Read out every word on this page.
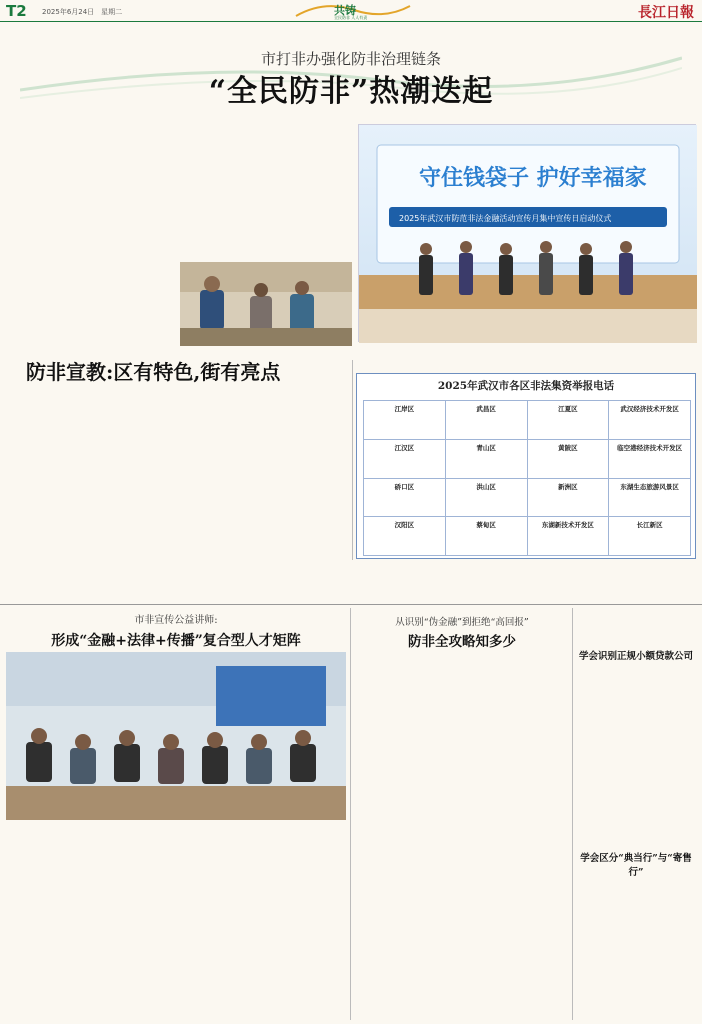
T2 2025年6月24日　星期二	共铸
全民防非 人人有责	長江日報
市打非办强化防非治理链条
“全民防非”热潮迭起
守住钱袋子 护好幸福家
2025年武汉市防范非法金融活动宣传月集中宣传日启动仪式
防非宣教:区有特色,街有亮点
2025年武汉市各区非法集资举报电话
江岸区	武昌区	江夏区	武汉经济技术开发区
江汉区	青山区	黄陂区	临空港经济技术开发区
硚口区	洪山区	新洲区	东湖生态旅游风景区
汉阳区	蔡甸区	东湖新技术开发区	长江新区
市非宣传公益讲师:
形成“金融+法律+传播”复合型人才矩阵
从识别“伪金融”到拒绝“高回报”
防非全攻略知多少
学会识别正规小额贷款公司
学会区分“典当行”与“寄售行”
